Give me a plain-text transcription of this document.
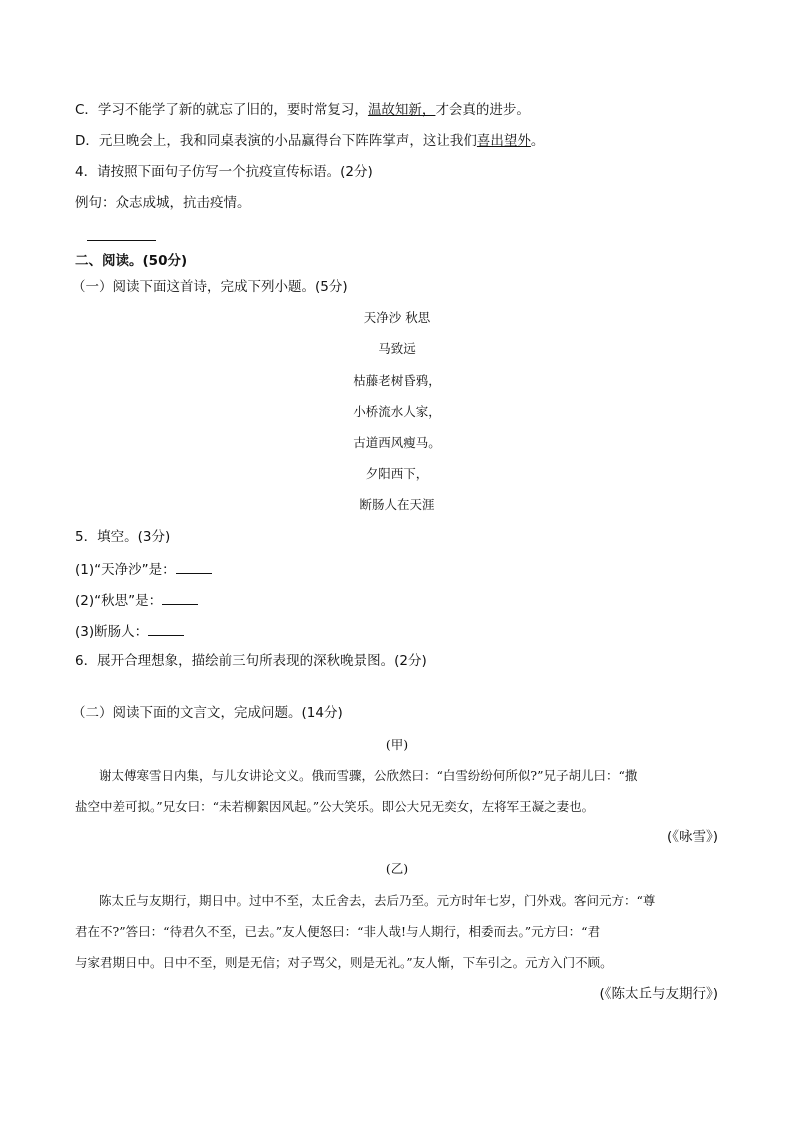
C．学习不能学了新的就忘了旧的，要时常复习，温故知新，才会真的进步。
D．元旦晚会上，我和同桌表演的小品赢得台下阵阵掌声，这让我们喜出望外。
4．请按照下面句子仿写一个抗疫宣传标语。(2分)
例句：众志成城，抗击疫情。
二、阅读。(50分)
（一）阅读下面这首诗，完成下列小题。(5分)
天净沙 秋思
马致远
枯藤老树昏鸦，
小桥流水人家，
古道西风瘦马。
夕阳西下，
断肠人在天涯
5．填空。(3分)
(1)“天净沙”是：
(2)“秋思”是：
(3)断肠人：
6．展开合理想象，描绘前三句所表现的深秋晚景图。(2分)
（二）阅读下面的文言文，完成问题。(14分)
(甲)
谢太傅寒雪日内集，与儿女讲论文义。俄而雪骤，公欣然曰：“白雪纷纷何所似?”兄子胡儿曰：“撒
盐空中差可拟。”兄女曰：“未若柳絮因风起。”公大笑乐。即公大兄无奕女，左将军王凝之妻也。
(《咏雪》)
(乙)
陈太丘与友期行，期日中。过中不至，太丘舍去，去后乃至。元方时年七岁，门外戏。客问元方：“尊
君在不?”答曰：“待君久不至，已去。”友人便怒曰：“非人哉!与人期行，相委而去。”元方曰：“君
与家君期日中。日中不至，则是无信；对子骂父，则是无礼。”友人惭，下车引之。元方入门不顾。
(《陈太丘与友期行》)
